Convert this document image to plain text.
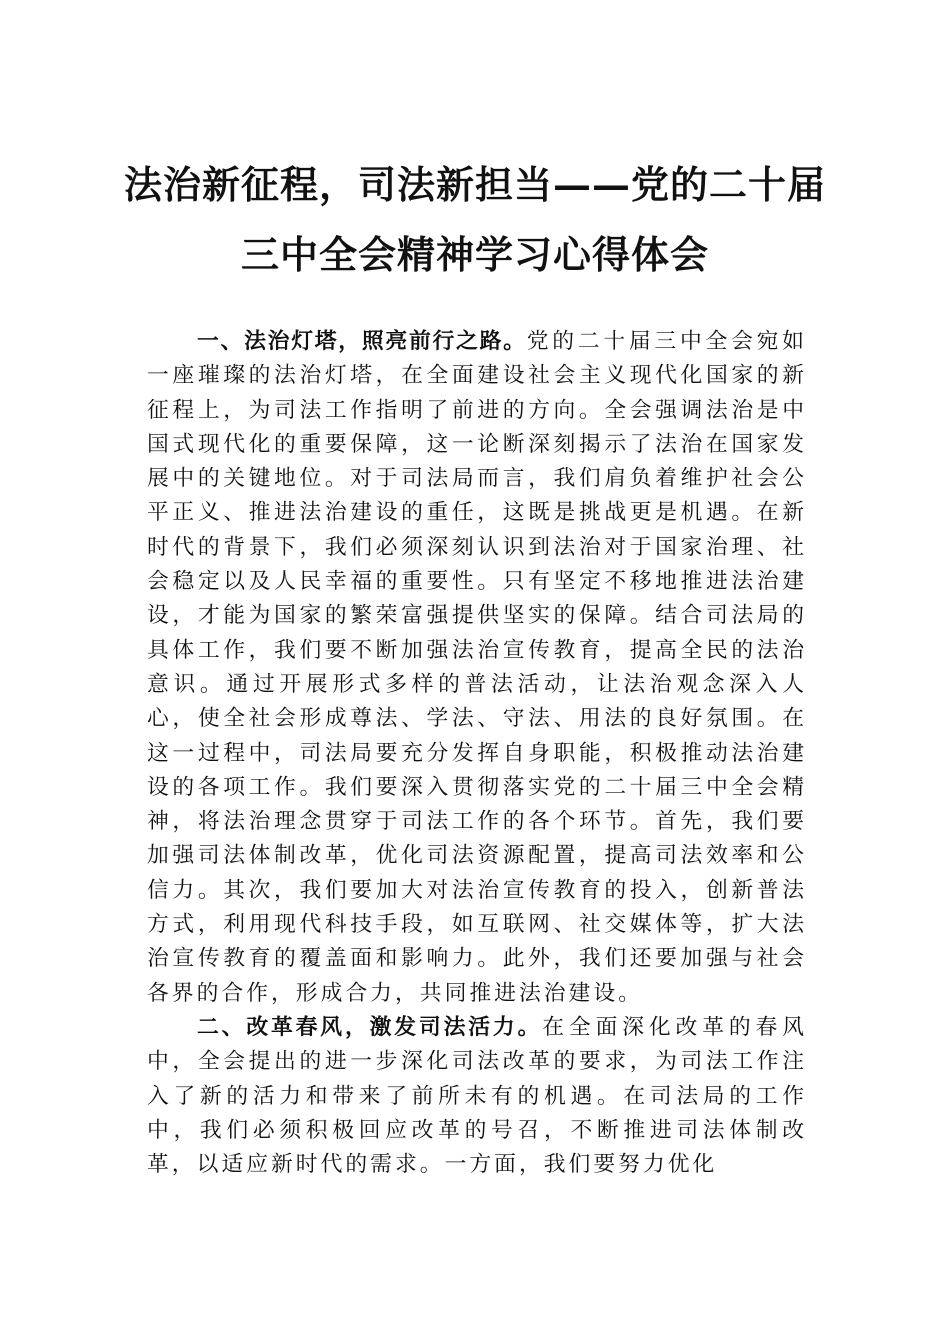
法治新征程，司法新担当——党的二十届
三中全会精神学习心得体会

一、法治灯塔，照亮前行之路。党的二十届三中全会宛如一座璀璨的法治灯塔，在全面建设社会主义现代化国家的新征程上，为司法工作指明了前进的方向。全会强调法治是中国式现代化的重要保障，这一论断深刻揭示了法治在国家发展中的关键地位。对于司法局而言，我们肩负着维护社会公平正义、推进法治建设的重任，这既是挑战更是机遇。在新时代的背景下，我们必须深刻认识到法治对于国家治理、社会稳定以及人民幸福的重要性。只有坚定不移地推进法治建设，才能为国家的繁荣富强提供坚实的保障。结合司法局的具体工作，我们要不断加强法治宣传教育，提高全民的法治意识。通过开展形式多样的普法活动，让法治观念深入人心，使全社会形成尊法、学法、守法、用法的良好氛围。在这一过程中，司法局要充分发挥自身职能，积极推动法治建设的各项工作。我们要深入贯彻落实党的二十届三中全会精神，将法治理念贯穿于司法工作的各个环节。首先，我们要加强司法体制改革，优化司法资源配置，提高司法效率和公信力。其次，我们要加大对法治宣传教育的投入，创新普法方式，利用现代科技手段，如互联网、社交媒体等，扩大法治宣传教育的覆盖面和影响力。此外，我们还要加强与社会各界的合作，形成合力，共同推进法治建设。

二、改革春风，激发司法活力。在全面深化改革的春风中，全会提出的进一步深化司法改革的要求，为司法工作注入了新的活力和带来了前所未有的机遇。在司法局的工作中，我们必须积极回应改革的号召，不断推进司法体制改革，以适应新时代的需求。一方面，我们要努力优化
